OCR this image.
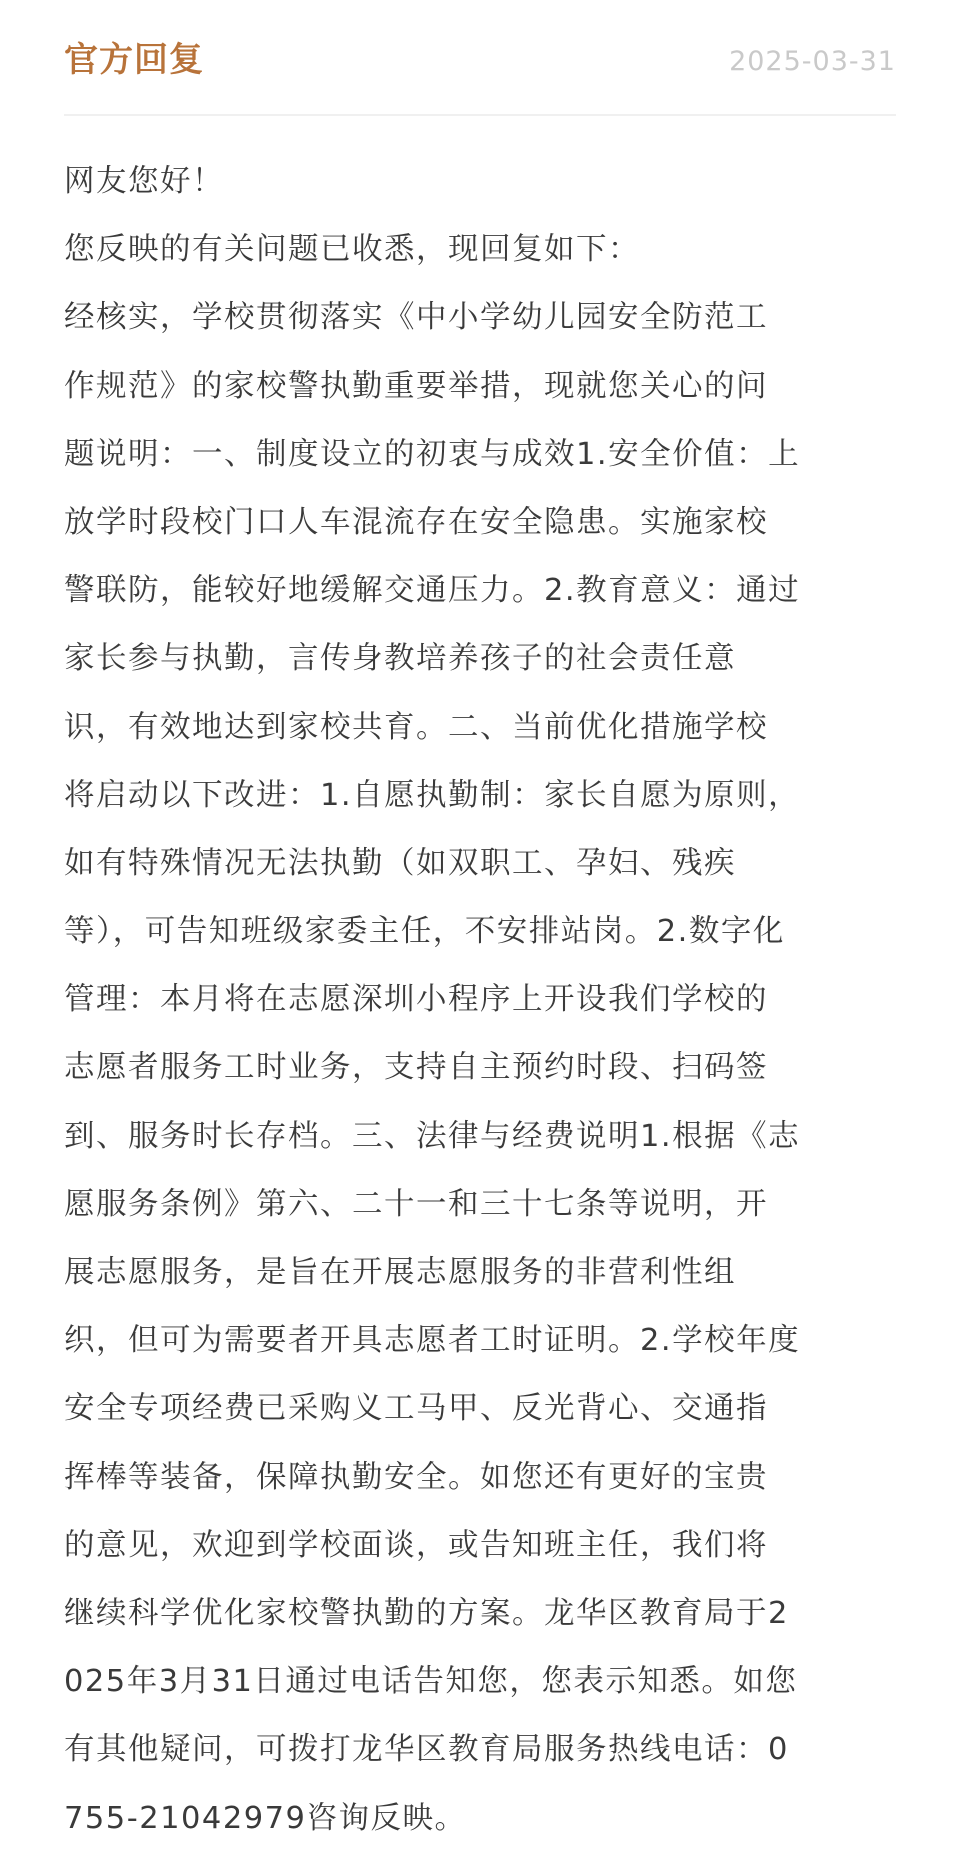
官方回复	2025-03-31
网友您好！
您反映的有关问题已收悉，现回复如下：
经核实，学校贯彻落实《中小学幼儿园安全防范工
作规范》的家校警执勤重要举措，现就您关心的问
题说明：一、制度设立的初衷与成效1.安全价值：上
放学时段校门口人车混流存在安全隐患。实施家校
警联防，能较好地缓解交通压力。2.教育意义：通过
家长参与执勤，言传身教培养孩子的社会责任意
识，有效地达到家校共育。二、当前优化措施学校
将启动以下改进：1.自愿执勤制：家长自愿为原则，
如有特殊情况无法执勤（如双职工、孕妇、残疾
等），可告知班级家委主任，不安排站岗。2.数字化
管理：本月将在志愿深圳小程序上开设我们学校的
志愿者服务工时业务，支持自主预约时段、扫码签
到、服务时长存档。三、法律与经费说明1.根据《志
愿服务条例》第六、二十一和三十七条等说明，开
展志愿服务，是旨在开展志愿服务的非营利性组
织，但可为需要者开具志愿者工时证明。2.学校年度
安全专项经费已采购义工马甲、反光背心、交通指
挥棒等装备，保障执勤安全。如您还有更好的宝贵
的意见，欢迎到学校面谈，或告知班主任，我们将
继续科学优化家校警执勤的方案。龙华区教育局于2
025年3月31日通过电话告知您，您表示知悉。如您
有其他疑问，可拨打龙华区教育局服务热线电话：0
755-21042979咨询反映。
